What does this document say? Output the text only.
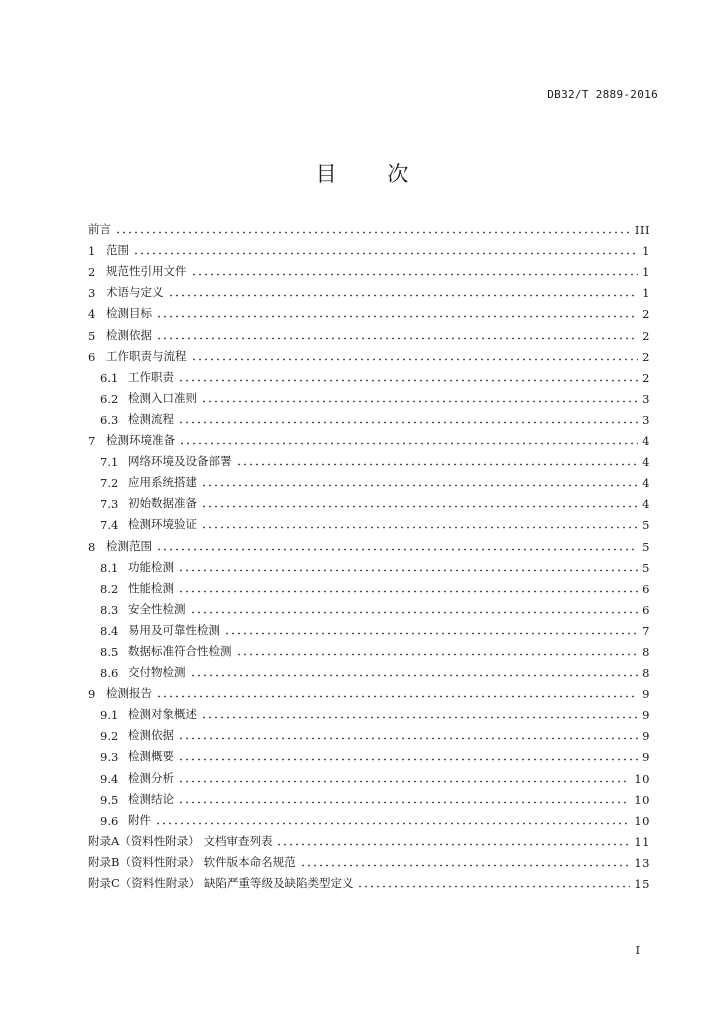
DB32/T 2889-2016
目 次
前言	III
1 范围	1
2 规范性引用文件	1
3 术语与定义	1
4 检测目标	2
5 检测依据	2
6 工作职责与流程	2
6.1 工作职责	2
6.2 检测入口准则	3
6.3 检测流程	3
7 检测环境准备	4
7.1 网络环境及设备部署	4
7.2 应用系统搭建	4
7.3 初始数据准备	4
7.4 检测环境验证	5
8 检测范围	5
8.1 功能检测	5
8.2 性能检测	6
8.3 安全性检测	6
8.4 易用及可靠性检测	7
8.5 数据标准符合性检测	8
8.6 交付物检测	8
9 检测报告	9
9.1 检测对象概述	9
9.2 检测依据	9
9.3 检测概要	9
9.4 检测分析	10
9.5 检测结论	10
9.6 附件	10
附录A（资料性附录） 文档审查列表	11
附录B（资料性附录） 软件版本命名规范	13
附录C（资料性附录） 缺陷严重等级及缺陷类型定义	15
I
